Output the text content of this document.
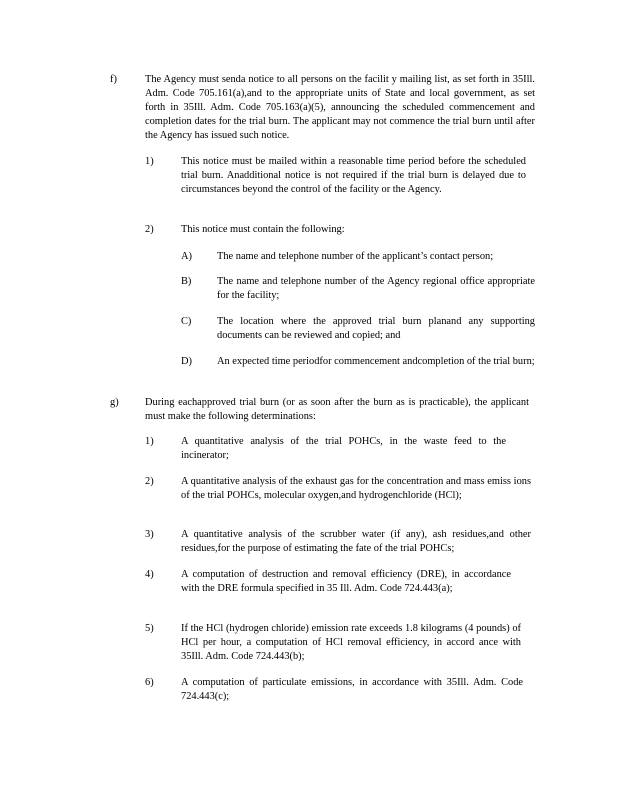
f)	The Agency must senda notice to all persons on the facilit y mailing list, as set forth in 35Ill. Adm. Code 705.161(a),and to the appropriate units of State and local government, as set forth in 35Ill. Adm. Code 705.163(a)(5), announcing the scheduled commencement and completion dates for the trial burn. The applicant may not commence the trial burn until after the Agency has issued such notice.

1)	This notice must be mailed within a reasonable time period before the scheduled trial burn. Anadditional notice is not required if the trial burn is delayed due to circumstances beyond the control of the facility or the Agency.

2)	This notice must contain the following:

A) The name and telephone number of the applicant’s contact person;

B) The name and telephone number of the Agency regional office appropriate for the facility;

C) The location where the approved trial burn planand any supporting documents can be reviewed and copied; and

D) An expected time periodfor commencement andcompletion of the trial burn;

g)	During eachapproved trial burn (or as soon after the burn as is practicable), the applicant must make the following determinations:

1)	A quantitative analysis of the trial POHCs, in the waste feed to the incinerator;

2)	A quantitative analysis of the exhaust gas for the concentration and mass emiss ions of the trial POHCs, molecular oxygen,and hydrogenchloride (HCl);

3)	A quantitative analysis of the scrubber water (if any), ash residues,and other residues,for the purpose of estimating the fate of the trial POHCs;

4)	A computation of destruction and removal efficiency (DRE), in accordance with the DRE formula specified in 35 Ill. Adm. Code 724.443(a);

5)	If the HCl (hydrogen chloride) emission rate exceeds 1.8 kilograms (4 pounds) of HCl per hour, a computation of HCl removal efficiency, in accord ance with 35Ill. Adm. Code 724.443(b);

6)	A computation of particulate emissions, in accordance with 35Ill. Adm. Code 724.443(c);
